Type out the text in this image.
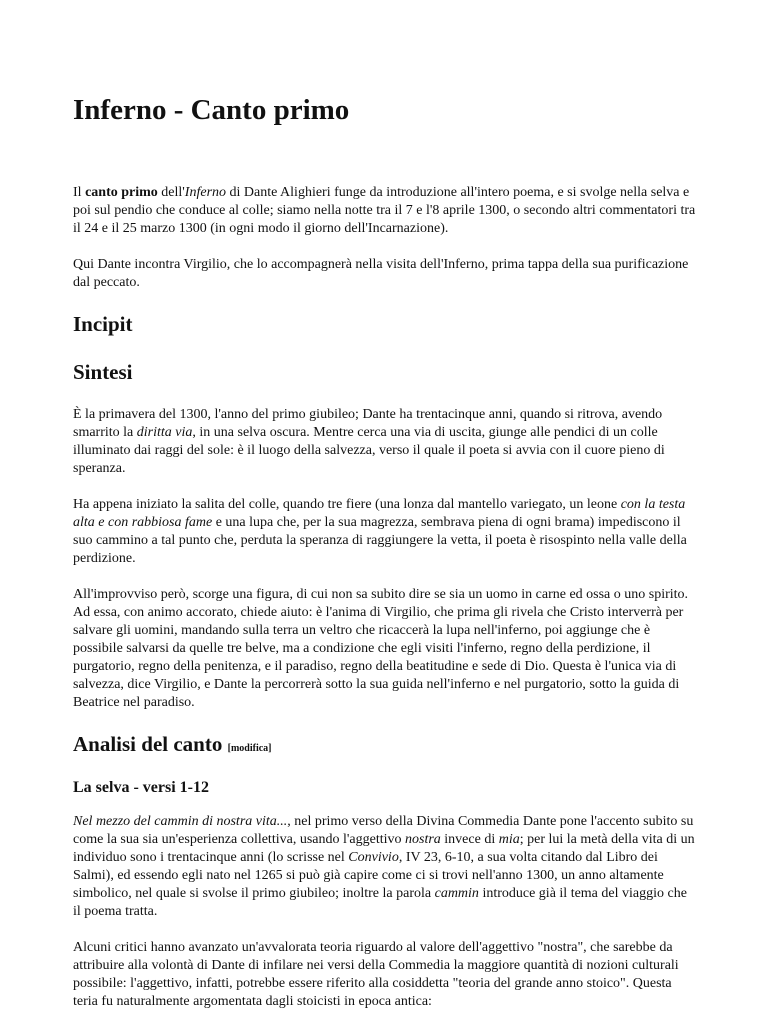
Inferno - Canto primo

Il canto primo dell'Inferno di Dante Alighieri funge da introduzione all'intero poema, e si svolge nella selva e poi sul pendio che conduce al colle; siamo nella notte tra il 7 e l'8 aprile 1300, o secondo altri commentatori tra il 24 e il 25 marzo 1300 (in ogni modo il giorno dell'Incarnazione).

Qui Dante incontra Virgilio, che lo accompagnerà nella visita dell'Inferno, prima tappa della sua purificazione dal peccato.

Incipit
Sintesi

È la primavera del 1300, l'anno del primo giubileo; Dante ha trentacinque anni, quando si ritrova, avendo smarrito la diritta via, in una selva oscura. Mentre cerca una via di uscita, giunge alle pendici di un colle illuminato dai raggi del sole: è il luogo della salvezza, verso il quale il poeta si avvia con il cuore pieno di speranza.

Ha appena iniziato la salita del colle, quando tre fiere (una lonza dal mantello variegato, un leone con la testa alta e con rabbiosa fame e una lupa che, per la sua magrezza, sembrava piena di ogni brama) impediscono il suo cammino a tal punto che, perduta la speranza di raggiungere la vetta, il poeta è risospinto nella valle della perdizione.

All'improvviso però, scorge una figura, di cui non sa subito dire se sia un uomo in carne ed ossa o uno spirito. Ad essa, con animo accorato, chiede aiuto: è l'anima di Virgilio, che prima gli rivela che Cristo interverrà per salvare gli uomini, mandando sulla terra un veltro che ricaccerà la lupa nell'inferno, poi aggiunge che è possibile salvarsi da quelle tre belve, ma a condizione che egli visiti l'inferno, regno della perdizione, il purgatorio, regno della penitenza, e il paradiso, regno della beatitudine e sede di Dio. Questa è l'unica via di salvezza, dice Virgilio, e Dante la percorrerà sotto la sua guida nell'inferno e nel purgatorio, sotto la guida di Beatrice nel paradiso.

Analisi del canto [modifica]
La selva - versi 1-12

Nel mezzo del cammin di nostra vita..., nel primo verso della Divina Commedia Dante pone l'accento subito su come la sua sia un'esperienza collettiva, usando l'aggettivo nostra invece di mia; per lui la metà della vita di un individuo sono i trentacinque anni (lo scrisse nel Convivio, IV 23, 6-10, a sua volta citando dal Libro dei Salmi), ed essendo egli nato nel 1265 si può già capire come ci si trovi nell'anno 1300, un anno altamente simbolico, nel quale si svolse il primo giubileo; inoltre la parola cammin introduce già il tema del viaggio che il poema tratta.

Alcuni critici hanno avanzato un'avvalorata teoria riguardo al valore dell'aggettivo "nostra", che sarebbe da attribuire alla volontà di Dante di infilare nei versi della Commedia la maggiore quantità di nozioni culturali possibile: l'aggettivo, infatti, potrebbe essere riferito alla cosiddetta "teoria del grande anno stoico". Questa teria fu naturalmente argomentata dagli stoicisti in epoca antica:
